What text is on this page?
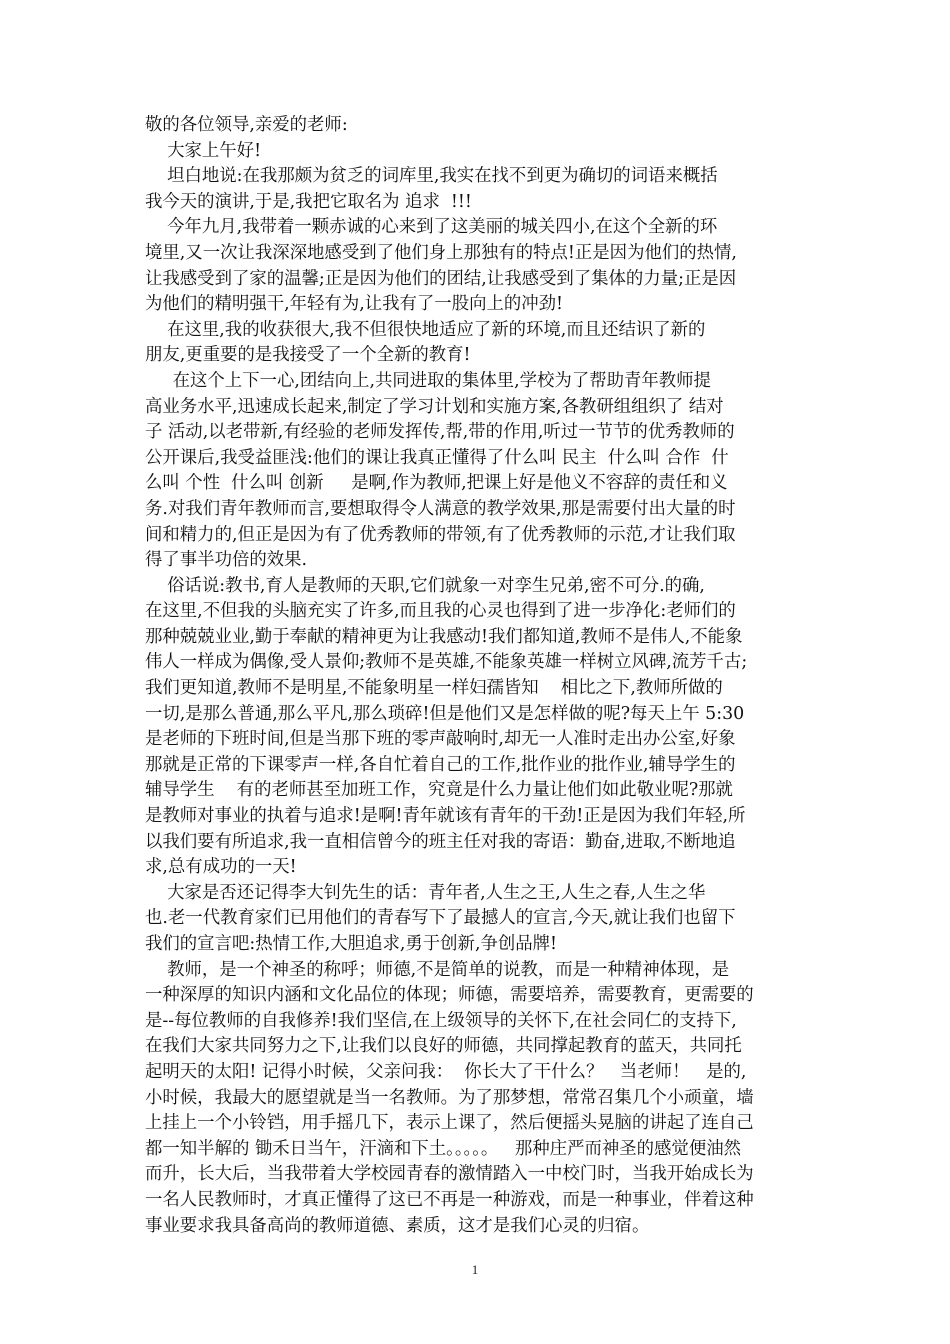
敬的各位领导,亲爱的老师:
大家上午好!
坦白地说:在我那颇为贫乏的词库里,我实在找不到更为确切的词语来概括
我今天的演讲,于是,我把它取名为 追求  !!!
今年九月,我带着一颗赤诚的心来到了这美丽的城关四小,在这个全新的环
境里,又一次让我深深地感受到了他们身上那独有的特点!正是因为他们的热情,
让我感受到了家的温馨;正是因为他们的团结,让我感受到了集体的力量;正是因
为他们的精明强干,年轻有为,让我有了一股向上的冲劲!
在这里,我的收获很大,我不但很快地适应了新的环境,而且还结识了新的
朋友,更重要的是我接受了一个全新的教育!
在这个上下一心,团结向上,共同进取的集体里,学校为了帮助青年教师提
高业务水平,迅速成长起来,制定了学习计划和实施方案,各教研组组织了 结对
子 活动,以老带新,有经验的老师发挥传,帮,带的作用,听过一节节的优秀教师的
公开课后,我受益匪浅:他们的课让我真正懂得了什么叫 民主  什么叫 合作  什
么叫 个性  什么叫 创新     是啊,作为教师,把课上好是他义不容辞的责任和义
务.对我们青年教师而言,要想取得令人满意的教学效果,那是需要付出大量的时
间和精力的,但正是因为有了优秀教师的带领,有了优秀教师的示范,才让我们取
得了事半功倍的效果.
俗话说:教书,育人是教师的天职,它们就象一对孪生兄弟,密不可分.的确,
在这里,不但我的头脑充实了许多,而且我的心灵也得到了进一步净化:老师们的
那种兢兢业业,勤于奉献的精神更为让我感动!我们都知道,教师不是伟人,不能象
伟人一样成为偶像,受人景仰;教师不是英雄,不能象英雄一样树立风碑,流芳千古;
我们更知道,教师不是明星,不能象明星一样妇孺皆知    相比之下,教师所做的
一切,是那么普通,那么平凡,那么琐碎!但是他们又是怎样做的呢?每天上午 5:30
是老师的下班时间,但是当那下班的零声敲响时,却无一人准时走出办公室,好象
那就是正常的下课零声一样,各自忙着自己的工作,批作业的批作业,辅导学生的
辅导学生    有的老师甚至加班工作，究竟是什么力量让他们如此敬业呢?那就
是教师对事业的执着与追求!是啊!青年就该有青年的干劲!正是因为我们年轻,所
以我们要有所追求,我一直相信曾今的班主任对我的寄语：勤奋,进取,不断地追
求,总有成功的一天!
大家是否还记得李大钊先生的话：青年者,人生之王,人生之春,人生之华
也.老一代教育家们已用他们的青春写下了最撼人的宣言,今天,就让我们也留下
我们的宣言吧:热情工作,大胆追求,勇于创新,争创品牌!
教师，是一个神圣的称呼；师德,不是简单的说教，而是一种精神体现，是
一种深厚的知识内涵和文化品位的体现；师德，需要培养，需要教育，更需要的
是--每位教师的自我修养!我们坚信,在上级领导的关怀下,在社会同仁的支持下,
在我们大家共同努力之下,让我们以良好的师德，共同撑起教育的蓝天，共同托
起明天的太阳! 记得小时候，父亲问我：  你长大了干什么？   当老师！   是的,
小时候，我最大的愿望就是当一名教师。为了那梦想，常常召集几个小顽童，墙
上挂上一个小铃铛，用手摇几下，表示上课了，然后便摇头晃脑的讲起了连自己
都一知半解的 锄禾日当午，汗滴和下土。。。。。   那种庄严而神圣的感觉便油然
而升，长大后，当我带着大学校园青春的激情踏入一中校门时，当我开始成长为
一名人民教师时，才真正懂得了这已不再是一种游戏，而是一种事业，伴着这种
事业要求我具备高尚的教师道德、素质，这才是我们心灵的归宿。
1
